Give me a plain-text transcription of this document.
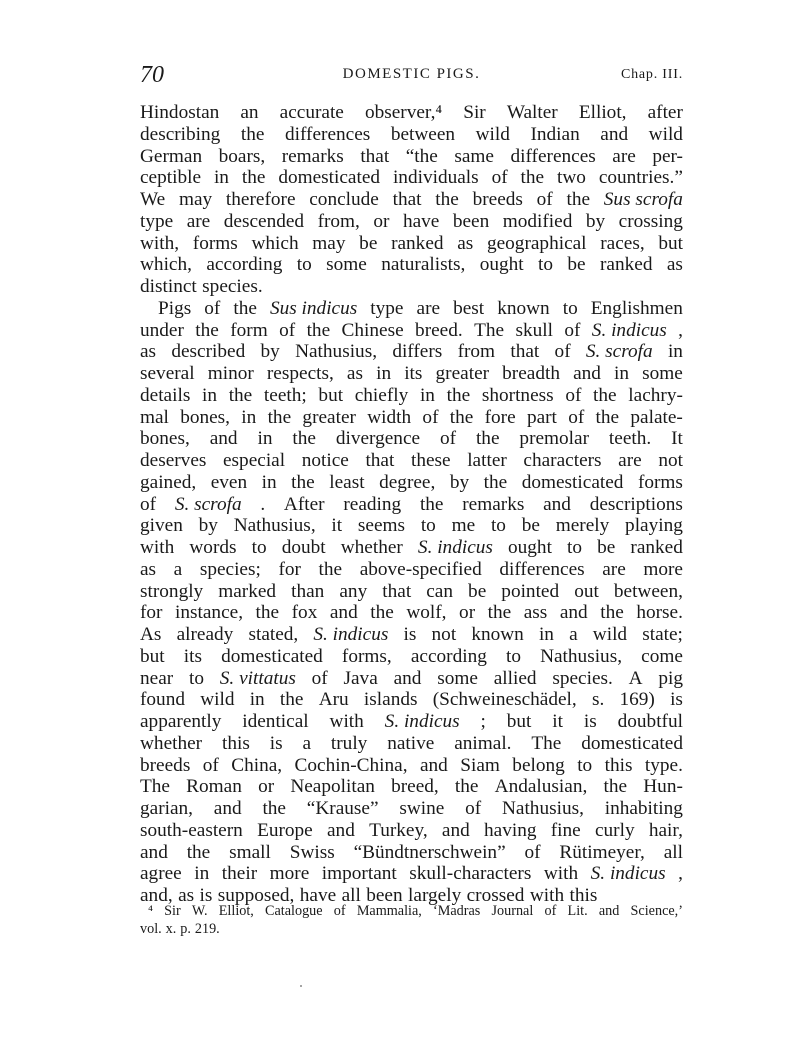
70	DOMESTIC PIGS.	Chap. III.
Hindostan an accurate observer,⁴ Sir Walter Elliot, after
describing the differences between wild Indian and wild
German boars, remarks that “the same differences are per-
ceptible in the domesticated individuals of the two countries.”
We may therefore conclude that the breeds of the Sus scrofa
type are descended from, or have been modified by crossing
with, forms which may be ranked as geographical races, but
which, according to some naturalists, ought to be ranked as
distinct species.
Pigs of the Sus indicus type are best known to Englishmen
under the form of the Chinese breed. The skull of S. indicus ,
as described by Nathusius, differs from that of S. scrofa in
several minor respects, as in its greater breadth and in some
details in the teeth; but chiefly in the shortness of the lachry-
mal bones, in the greater width of the fore part of the palate-
bones, and in the divergence of the premolar teeth. It
deserves especial notice that these latter characters are not
gained, even in the least degree, by the domesticated forms
of S. scrofa . After reading the remarks and descriptions
given by Nathusius, it seems to me to be merely playing
with words to doubt whether S. indicus ought to be ranked
as a species; for the above-specified differences are more
strongly marked than any that can be pointed out between,
for instance, the fox and the wolf, or the ass and the horse.
As already stated, S. indicus is not known in a wild state;
but its domesticated forms, according to Nathusius, come
near to S. vittatus of Java and some allied species. A pig
found wild in the Aru islands (Schweineschädel, s. 169) is
apparently identical with S. indicus ; but it is doubtful
whether this is a truly native animal. The domesticated
breeds of China, Cochin-China, and Siam belong to this type.
The Roman or Neapolitan breed, the Andalusian, the Hun-
garian, and the “Krause” swine of Nathusius, inhabiting
south-eastern Europe and Turkey, and having fine curly hair,
and the small Swiss “Bündtnerschwein” of Rütimeyer, all
agree in their more important skull-characters with S. indicus ,
and, as is supposed, have all been largely crossed with this
⁴ Sir W. Elliot, Catalogue of Mammalia, ‘Madras Journal of Lit. and Science,’
vol. x. p. 219.
